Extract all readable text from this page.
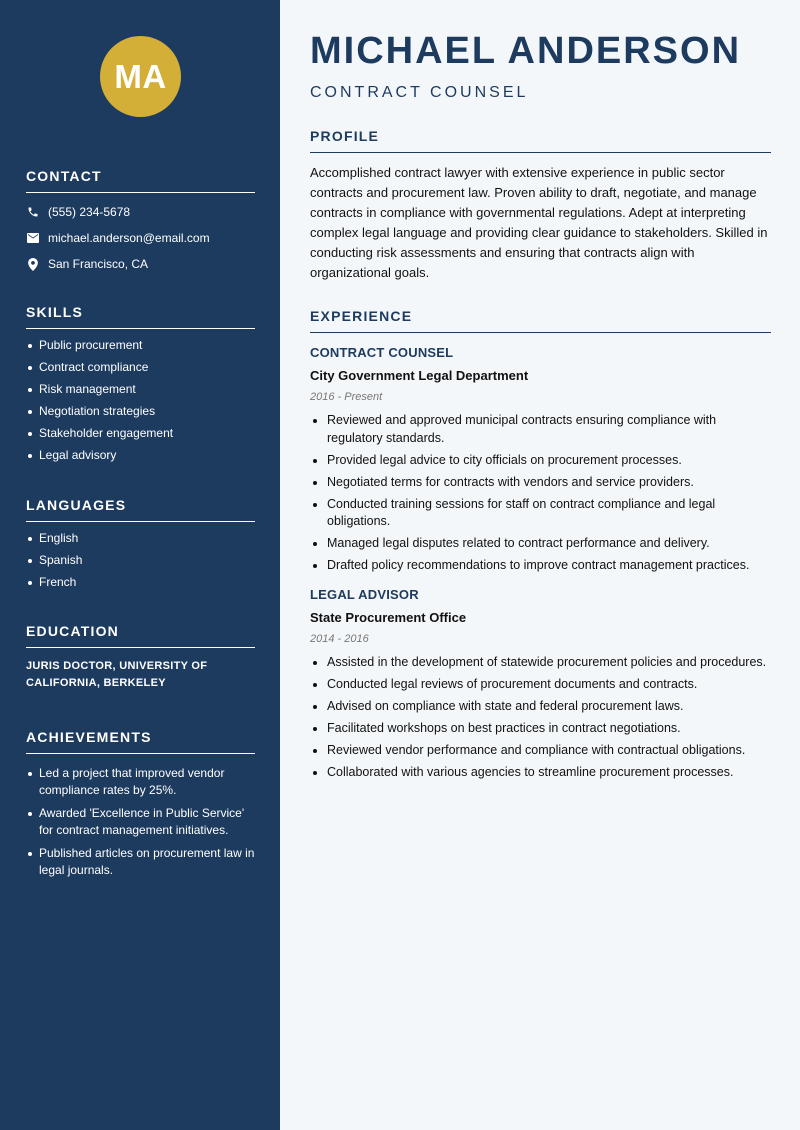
MA
CONTACT
(555) 234-5678
michael.anderson@email.com
San Francisco, CA
SKILLS
Public procurement
Contract compliance
Risk management
Negotiation strategies
Stakeholder engagement
Legal advisory
LANGUAGES
English
Spanish
French
EDUCATION

JURIS DOCTOR, UNIVERSITY OF CALIFORNIA, BERKELEY

ACHIEVEMENTS
Led a project that improved vendor compliance rates by 25%.
Awarded 'Excellence in Public Service' for contract management initiatives.
Published articles on procurement law in legal journals.
MICHAEL ANDERSON
CONTRACT COUNSEL
PROFILE

Accomplished contract lawyer with extensive experience in public sector contracts and procurement law. Proven ability to draft, negotiate, and manage contracts in compliance with governmental regulations. Adept at interpreting complex legal language and providing clear guidance to stakeholders. Skilled in conducting risk assessments and ensuring that contracts align with organizational goals.

EXPERIENCE
CONTRACT COUNSEL
City Government Legal Department
2016 - Present
Reviewed and approved municipal contracts ensuring compliance with regulatory standards.
Provided legal advice to city officials on procurement processes.
Negotiated terms for contracts with vendors and service providers.
Conducted training sessions for staff on contract compliance and legal obligations.
Managed legal disputes related to contract performance and delivery.
Drafted policy recommendations to improve contract management practices.
LEGAL ADVISOR
State Procurement Office
2014 - 2016
Assisted in the development of statewide procurement policies and procedures.
Conducted legal reviews of procurement documents and contracts.
Advised on compliance with state and federal procurement laws.
Facilitated workshops on best practices in contract negotiations.
Reviewed vendor performance and compliance with contractual obligations.
Collaborated with various agencies to streamline procurement processes.
